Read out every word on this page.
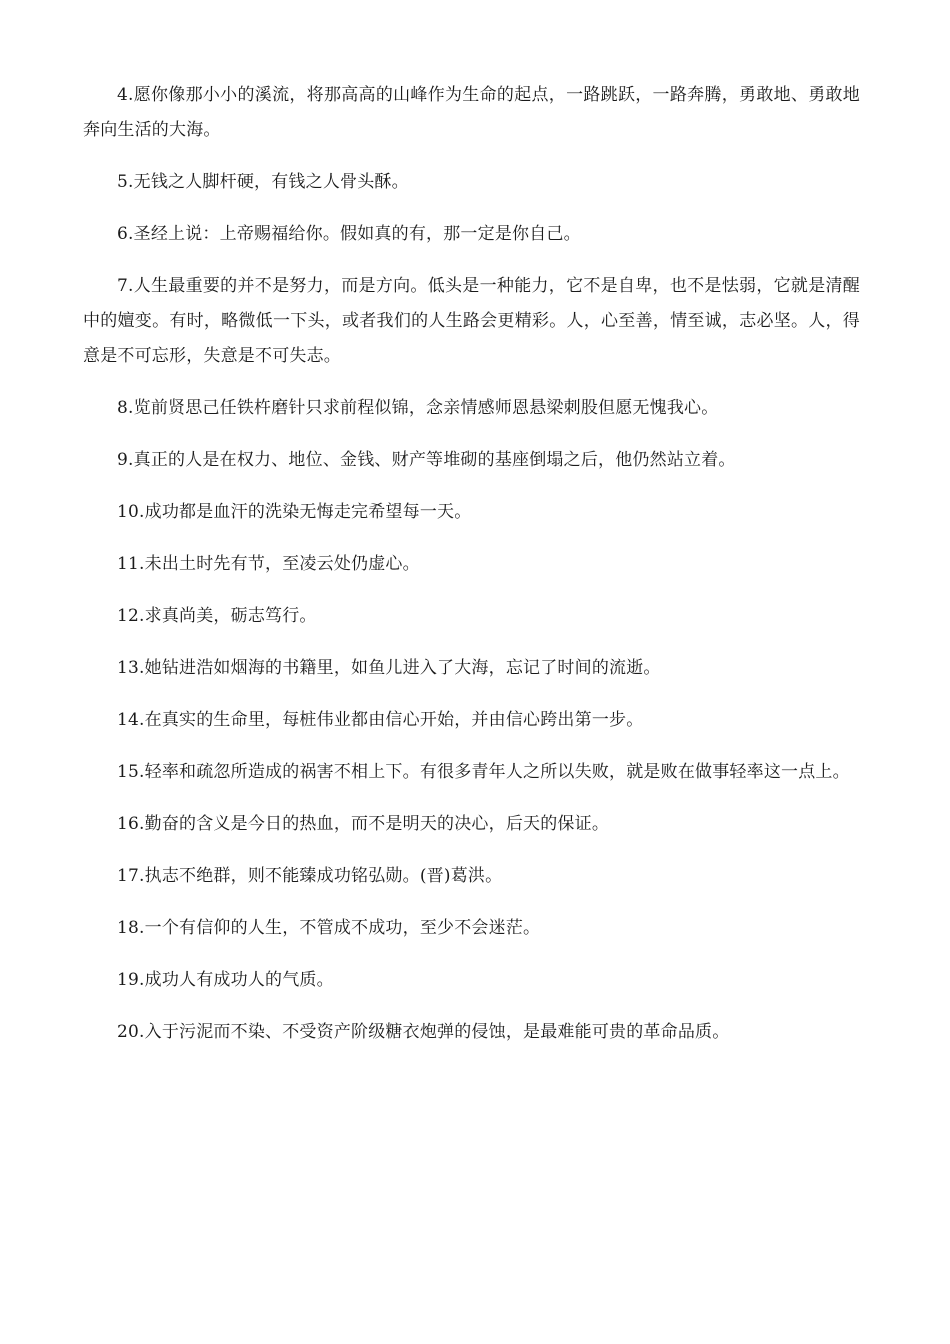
4.愿你像那小小的溪流，将那高高的山峰作为生命的起点，一路跳跃，一路奔腾，勇敢地、勇敢地奔向生活的大海。

5.无钱之人脚杆硬，有钱之人骨头酥。

6.圣经上说：上帝赐福给你。假如真的有，那一定是你自己。

7.人生最重要的并不是努力，而是方向。低头是一种能力，它不是自卑，也不是怯弱，它就是清醒中的嬗变。有时，略微低一下头，或者我们的人生路会更精彩。人，心至善，情至诚，志必坚。人，得意是不可忘形，失意是不可失志。

8.览前贤思己任铁杵磨针只求前程似锦，念亲情感师恩悬梁刺股但愿无愧我心。

9.真正的人是在权力、地位、金钱、财产等堆砌的基座倒塌之后，他仍然站立着。

10.成功都是血汗的洗染无悔走完希望每一天。

11.未出土时先有节，至凌云处仍虚心。

12.求真尚美，砺志笃行。

13.她钻进浩如烟海的书籍里，如鱼儿进入了大海，忘记了时间的流逝。

14.在真实的生命里，每桩伟业都由信心开始，并由信心跨出第一步。

15.轻率和疏忽所造成的祸害不相上下。有很多青年人之所以失败，就是败在做事轻率这一点上。

16.勤奋的含义是今日的热血，而不是明天的决心，后天的保证。

17.执志不绝群，则不能臻成功铭弘勋。(晋)葛洪。

18.一个有信仰的人生，不管成不成功，至少不会迷茫。

19.成功人有成功人的气质。

20.入于污泥而不染、不受资产阶级糖衣炮弹的侵蚀，是最难能可贵的革命品质。
